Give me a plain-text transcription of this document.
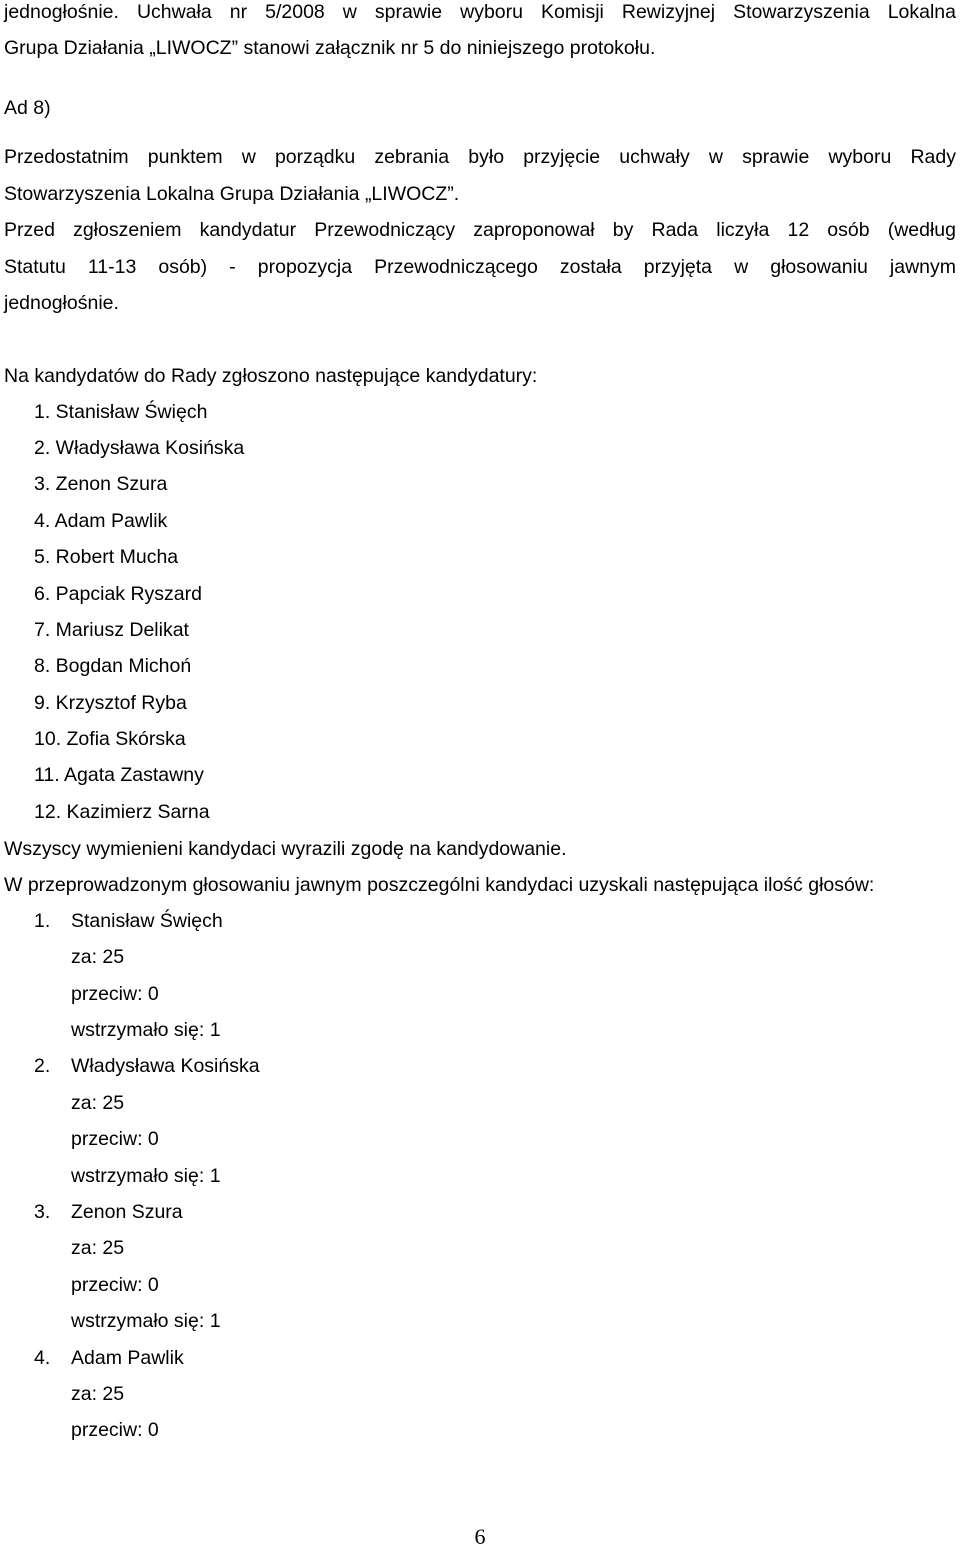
jednogłośnie. Uchwała nr 5/2008 w sprawie wyboru Komisji Rewizyjnej Stowarzyszenia Lokalna
Grupa Działania „LIWOCZ” stanowi załącznik nr 5 do niniejszego protokołu.
Ad 8)
Przedostatnim punktem w porządku zebrania było przyjęcie uchwały w sprawie wyboru Rady
Stowarzyszenia Lokalna Grupa Działania „LIWOCZ”.
Przed zgłoszeniem kandydatur Przewodniczący zaproponował by Rada liczyła 12 osób (według
Statutu 11-13 osób) - propozycja Przewodniczącego została przyjęta w głosowaniu jawnym
jednogłośnie.
Na kandydatów do Rady zgłoszono następujące kandydatury:
1. Stanisław Święch
2. Władysława Kosińska
3. Zenon Szura
4. Adam Pawlik
5. Robert Mucha
6. Papciak Ryszard
7. Mariusz Delikat
8. Bogdan Michoń
9. Krzysztof Ryba
10. Zofia Skórska
11. Agata Zastawny
12. Kazimierz Sarna
Wszyscy wymienieni kandydaci wyrazili zgodę na kandydowanie.
W przeprowadzonym głosowaniu jawnym poszczególni kandydaci uzyskali następująca ilość głosów:
1. Stanisław Święch
za: 25
przeciw: 0
wstrzymało się: 1
2. Władysława Kosińska
za: 25
przeciw: 0
wstrzymało się: 1
3. Zenon Szura
za: 25
przeciw: 0
wstrzymało się: 1
4. Adam Pawlik
za: 25
przeciw: 0
6
